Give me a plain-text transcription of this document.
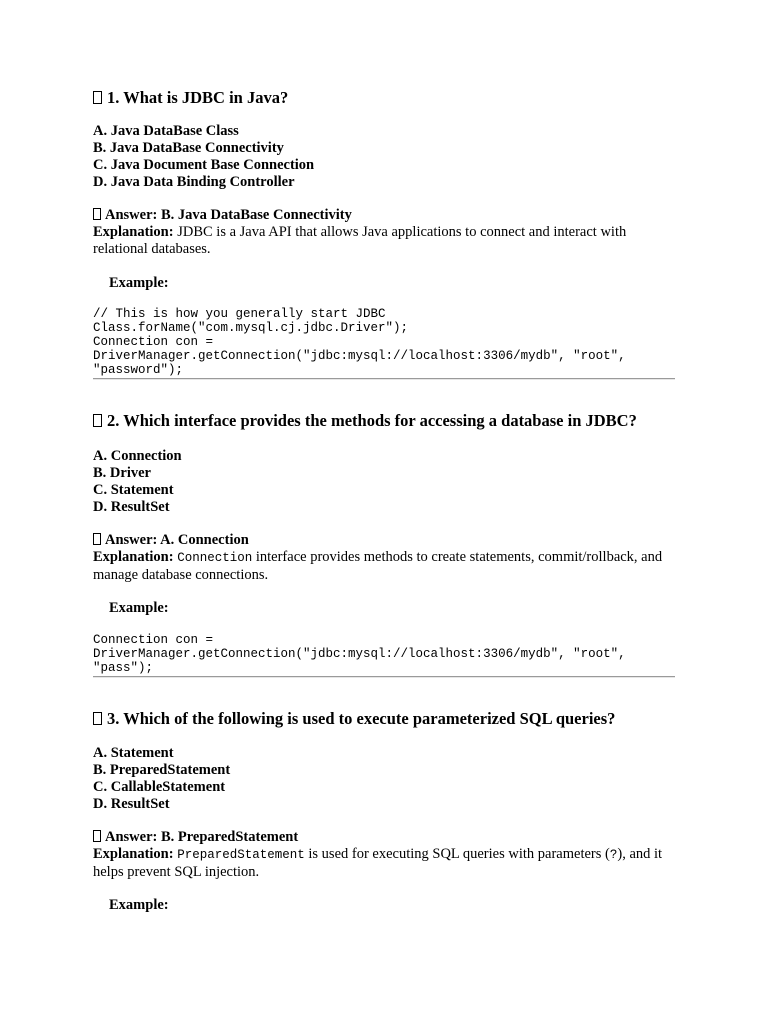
1. What is JDBC in Java?
A. Java DataBase Class
B. Java DataBase Connectivity
C. Java Document Base Connection
D. Java Data Binding Controller
Answer: B. Java DataBase Connectivity
Explanation: JDBC is a Java API that allows Java applications to connect and interact with relational databases.
Example:
// This is how you generally start JDBC
Class.forName("com.mysql.cj.jdbc.Driver");
Connection con =
DriverManager.getConnection("jdbc:mysql://localhost:3306/mydb", "root",
"password");
2. Which interface provides the methods for accessing a database in JDBC?
A. Connection
B. Driver
C. Statement
D. ResultSet
Answer: A. Connection
Explanation: Connection interface provides methods to create statements, commit/rollback, and manage database connections.
Example:
Connection con =
DriverManager.getConnection("jdbc:mysql://localhost:3306/mydb", "root",
"pass");
3. Which of the following is used to execute parameterized SQL queries?
A. Statement
B. PreparedStatement
C. CallableStatement
D. ResultSet
Answer: B. PreparedStatement
Explanation: PreparedStatement is used for executing SQL queries with parameters (?), and it helps prevent SQL injection.
Example:
